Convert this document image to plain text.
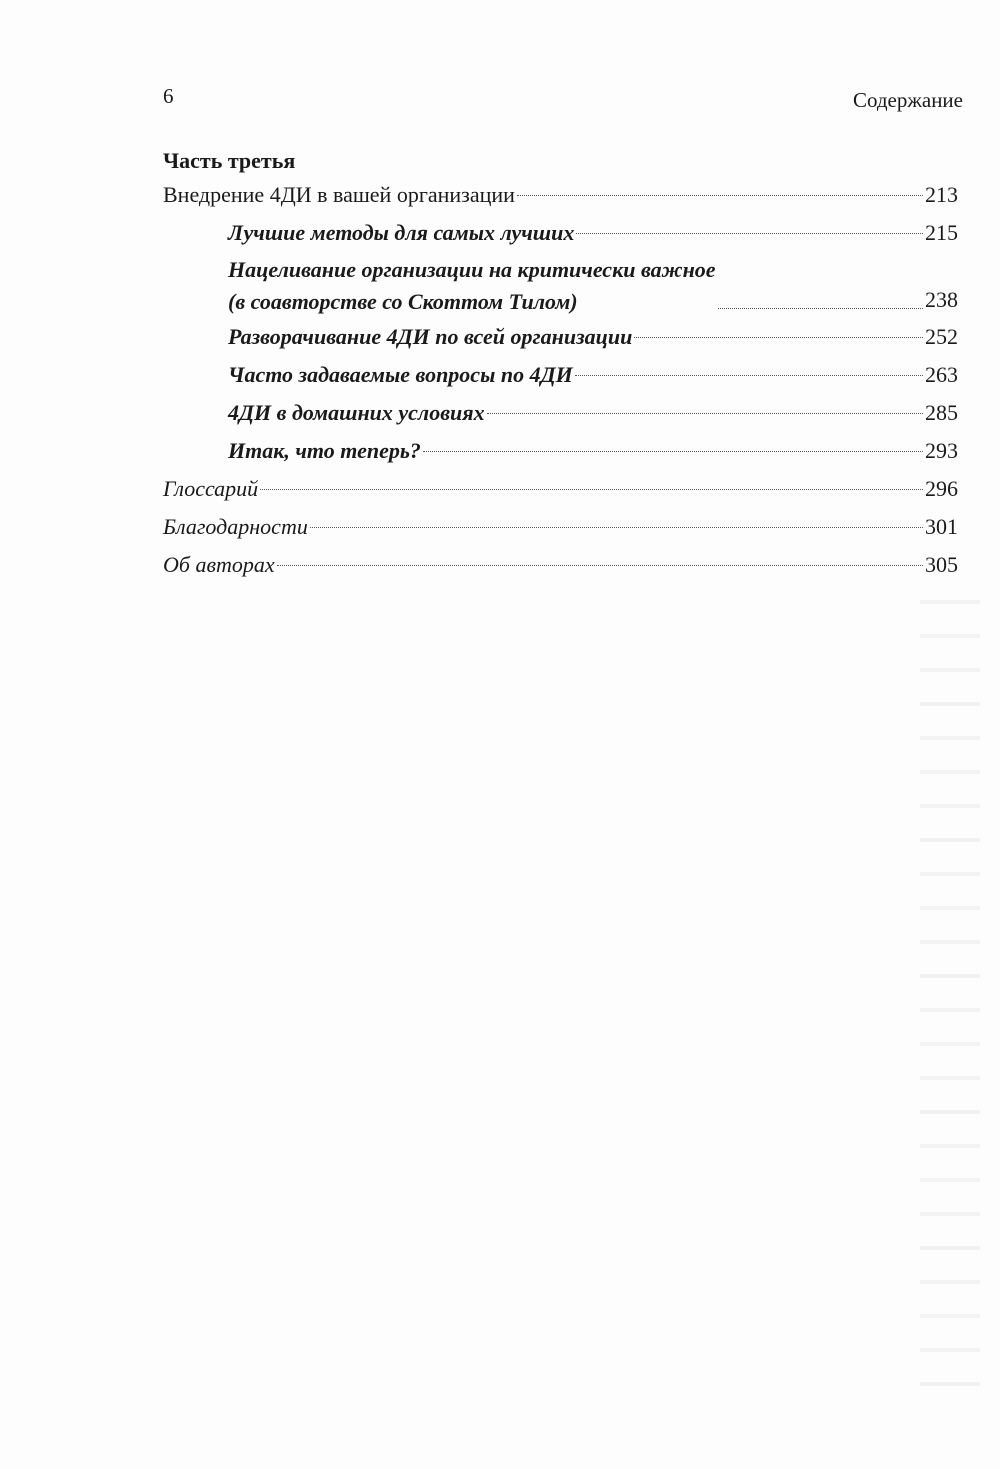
6	Содержание
Часть третья
Внедрение 4ДИ в вашей организации	213
Лучшие методы для самых лучших	215
Нацеливание организации на критически важное
(в соавторстве со Скоттом Тилом)	238
Разворачивание 4ДИ по всей организации	252
Часто задаваемые вопросы по 4ДИ	263
4ДИ в домашних условиях	285
Итак, что теперь?	293
Глоссарий	296
Благодарности	301
Об авторах	305
